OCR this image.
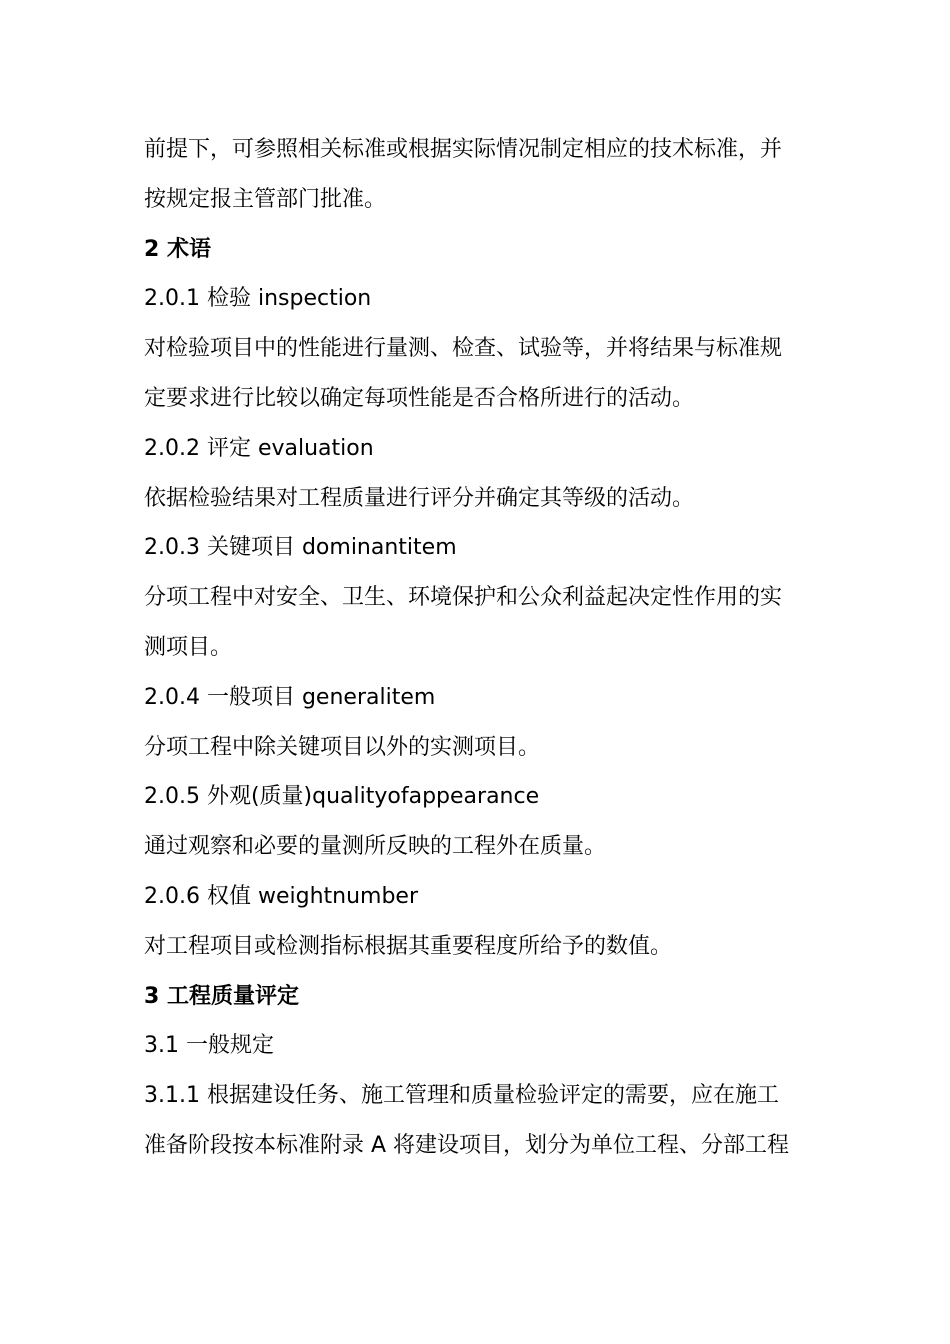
前提下，可参照相关标准或根据实际情况制定相应的技术标准，并
按规定报主管部门批准。
2 术语
2.0.1 检验 inspection
对检验项目中的性能进行量测、检查、试验等，并将结果与标准规
定要求进行比较以确定每项性能是否合格所进行的活动。
2.0.2 评定 evaluation
依据检验结果对工程质量进行评分并确定其等级的活动。
2.0.3 关键项目 dominantitem
分项工程中对安全、卫生、环境保护和公众利益起决定性作用的实
测项目。
2.0.4 一般项目 generalitem
分项工程中除关键项目以外的实测项目。
2.0.5 外观(质量)qualityofappearance
通过观察和必要的量测所反映的工程外在质量。
2.0.6 权值 weightnumber
对工程项目或检测指标根据其重要程度所给予的数值。
3 工程质量评定
3.1 一般规定
3.1.1 根据建设任务、施工管理和质量检验评定的需要，应在施工
准备阶段按本标准附录 A 将建设项目，划分为单位工程、分部工程
